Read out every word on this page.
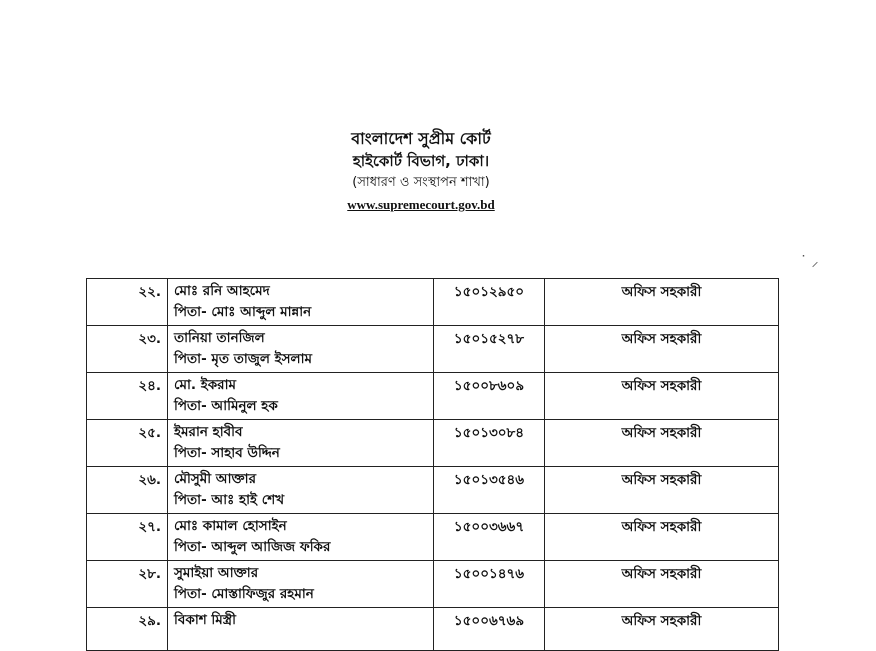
বাংলাদেশ সুপ্রীম কোর্ট
হাইকোর্ট বিভাগ, ঢাকা।
(সাধারণ ও সংস্থাপন শাখা)
www.supremecourt.gov.bd
˙ ⸝
২২.	মোঃ রনি আহমেদ
পিতা- মোঃ আব্দুল মান্নান	১৫০১২৯৫০	অফিস সহকারী
২৩.	তানিয়া তানজিল
পিতা- মৃত তাজুল ইসলাম	১৫০১৫২৭৮	অফিস সহকারী
২৪.	মো. ইকরাম
পিতা- আমিনুল হক	১৫০০৮৬০৯	অফিস সহকারী
২৫.	ইমরান হাবীব
পিতা- সাহাব উদ্দিন	১৫০১৩০৮৪	অফিস সহকারী
২৬.	মৌসুমী আক্তার
পিতা- আঃ হাই শেখ	১৫০১৩৫৪৬	অফিস সহকারী
২৭.	মোঃ কামাল হোসাইন
পিতা- আব্দুল আজিজ ফকির	১৫০০৩৬৬৭	অফিস সহকারী
২৮.	সুমাইয়া আক্তার
পিতা- মোস্তাফিজুর রহমান	১৫০০১৪৭৬	অফিস সহকারী
২৯.	বিকাশ মিস্ত্রী	১৫০০৬৭৬৯	অফিস সহকারী
